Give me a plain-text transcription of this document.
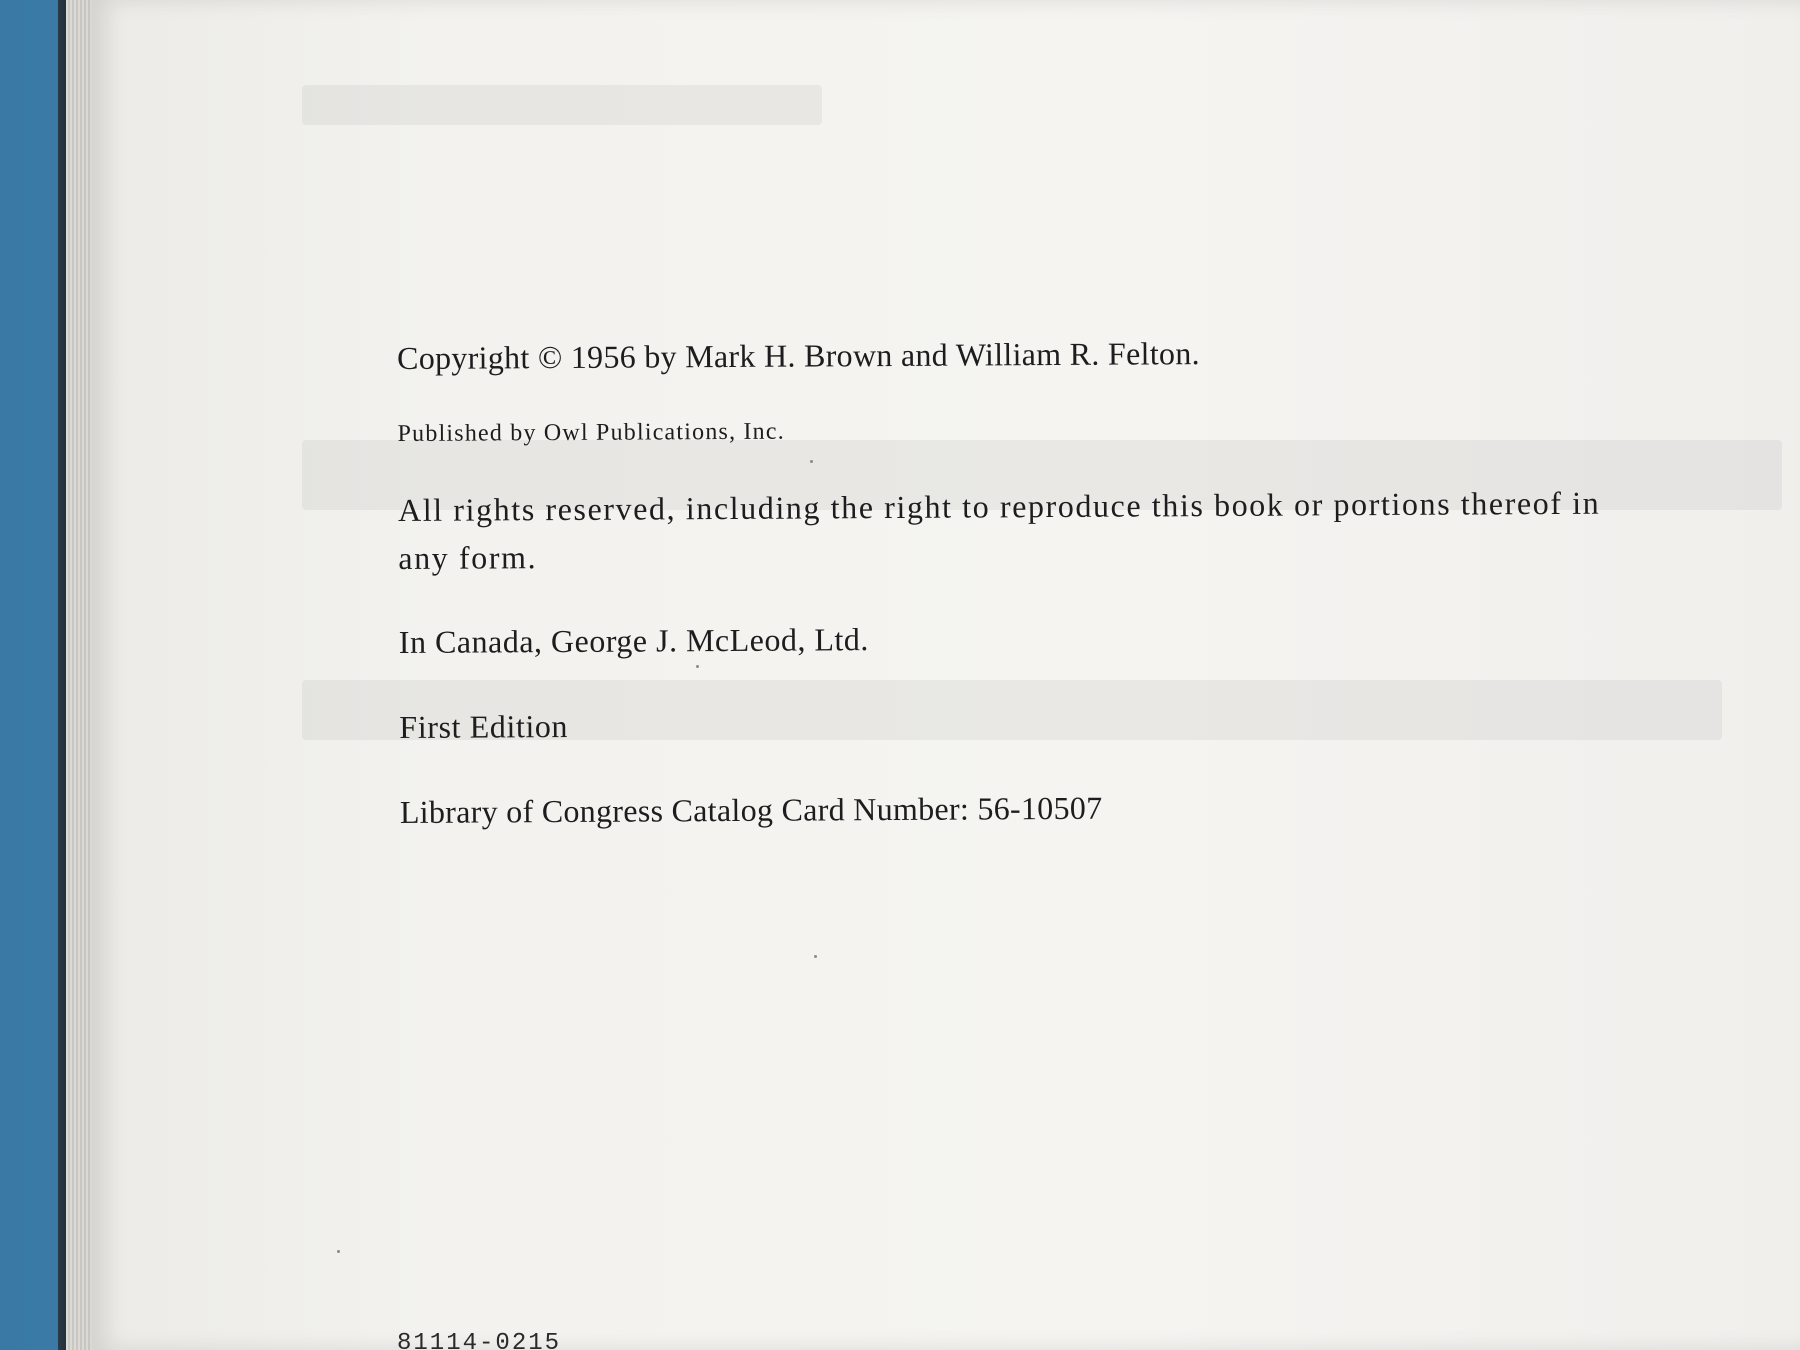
Copyright © 1956 by Mark H. Brown and William R. Felton.
Published by Owl Publications, Inc.
All rights reserved, including the right to reproduce this book or portions thereof in any form.
In Canada, George J. McLeod, Ltd.
First Edition
Library of Congress Catalog Card Number: 56-10507
81114-0215
